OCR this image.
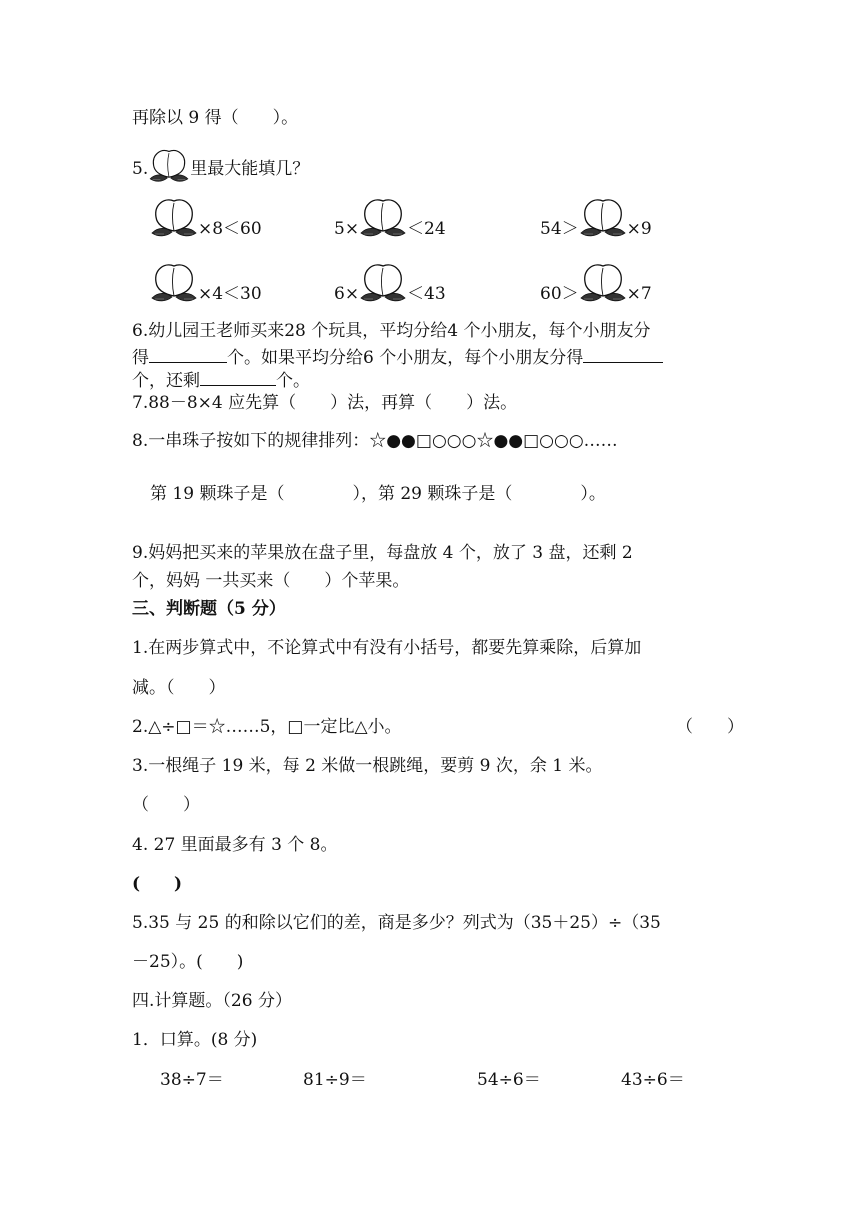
再除以 9 得（　　）。
5. 里最大能填几？
×8＜60	5×	＜24	54＞	×9
×4＜30	6×	＜43	60＞	×7
6.幼儿园王老师买来28 个玩具，平均分给4 个小朋友，每个小朋友分
得	个。如果平均分给6 个小朋友，每个小朋友分得
个，还剩	个。
7.88－8×4 应先算（　　）法，再算（　　）法。
8.一串珠子按如下的规律排列：☆●●□○○○☆●●□○○○……
第 19 颗珠子是（　　　　），第 29 颗珠子是（　　　　）。
9.妈妈把买来的苹果放在盘子里，每盘放 4 个，放了 3 盘，还剩 2
个，妈妈 一共买来（　　）个苹果。
三、判断题（5 分）
1.在两步算式中，不论算式中有没有小括号，都要先算乘除，后算加
减。（　　）
2.△÷□＝☆……5，□一定比△小。	（　　）
3.一根绳子 19 米，每 2 米做一根跳绳，要剪 9 次，余 1 米。
（　　）
4. 27 里面最多有 3 个 8。
(　　)
5.35 与 25 的和除以它们的差，商是多少？列式为（35＋25）÷（35
－25）。(　　)
四.计算题。（26 分）
1．口算。(8 分)
38÷7＝	81÷9＝	54÷6＝	43÷6＝
